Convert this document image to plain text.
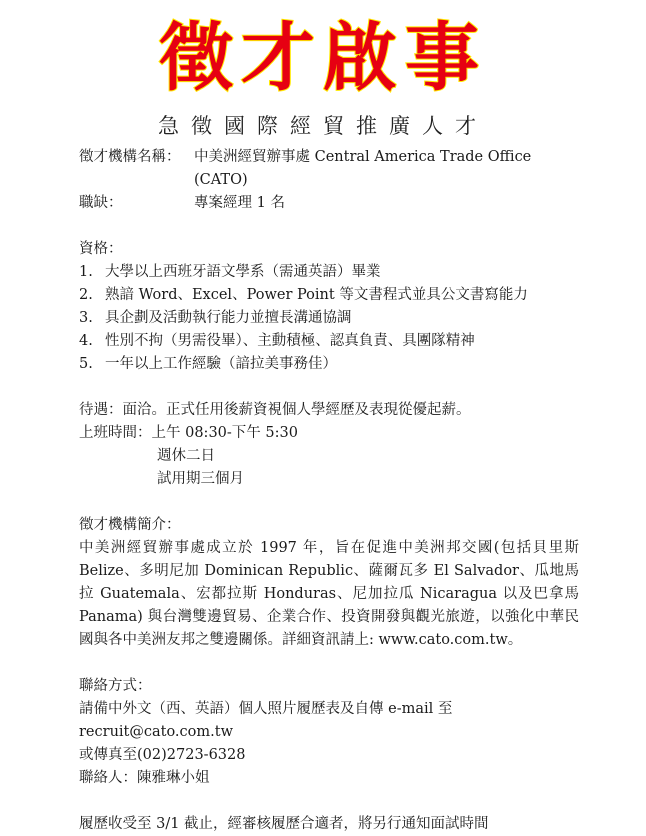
徵才啟事
急徵國際經貿推廣人才
徵才機構名稱： 中美洲經貿辦事處 Central America Trade Office (CATO)
職缺：	專案經理 1 名
資格：
1. 大學以上西班牙語文學系（需通英語）畢業
2. 熟諳 Word、Excel、Power Point 等文書程式並具公文書寫能力
3. 具企劃及活動執行能力並擅長溝通協調
4. 性別不拘（男需役畢）、主動積極、認真負責、具團隊精神
5. 一年以上工作經驗（諳拉美事務佳）
待遇：面洽。正式任用後薪資視個人學經歷及表現從優起薪。
上班時間：上午 08:30-下午 5:30
週休二日
試用期三個月
徵才機構簡介：
中美洲經貿辦事處成立於 1997 年，旨在促進中美洲邦交國(包括貝里斯 Belize、多明尼加 Dominican Republic、薩爾瓦多 El Salvador、瓜地馬拉 Guatemala、宏都拉斯 Honduras、尼加拉瓜 Nicaragua 以及巴拿馬 Panama) 與台灣雙邊貿易、企業合作、投資開發與觀光旅遊，以強化中華民國與各中美洲友邦之雙邊關係。詳細資訊請上: www.cato.com.tw。
聯絡方式：
請備中外文（西、英語）個人照片履歷表及自傳 e-mail 至 recruit@cato.com.tw
或傳真至(02)2723-6328
聯絡人：陳雅琳小姐
履歷收受至 3/1 截止，經審核履歷合適者，將另行通知面試時間
